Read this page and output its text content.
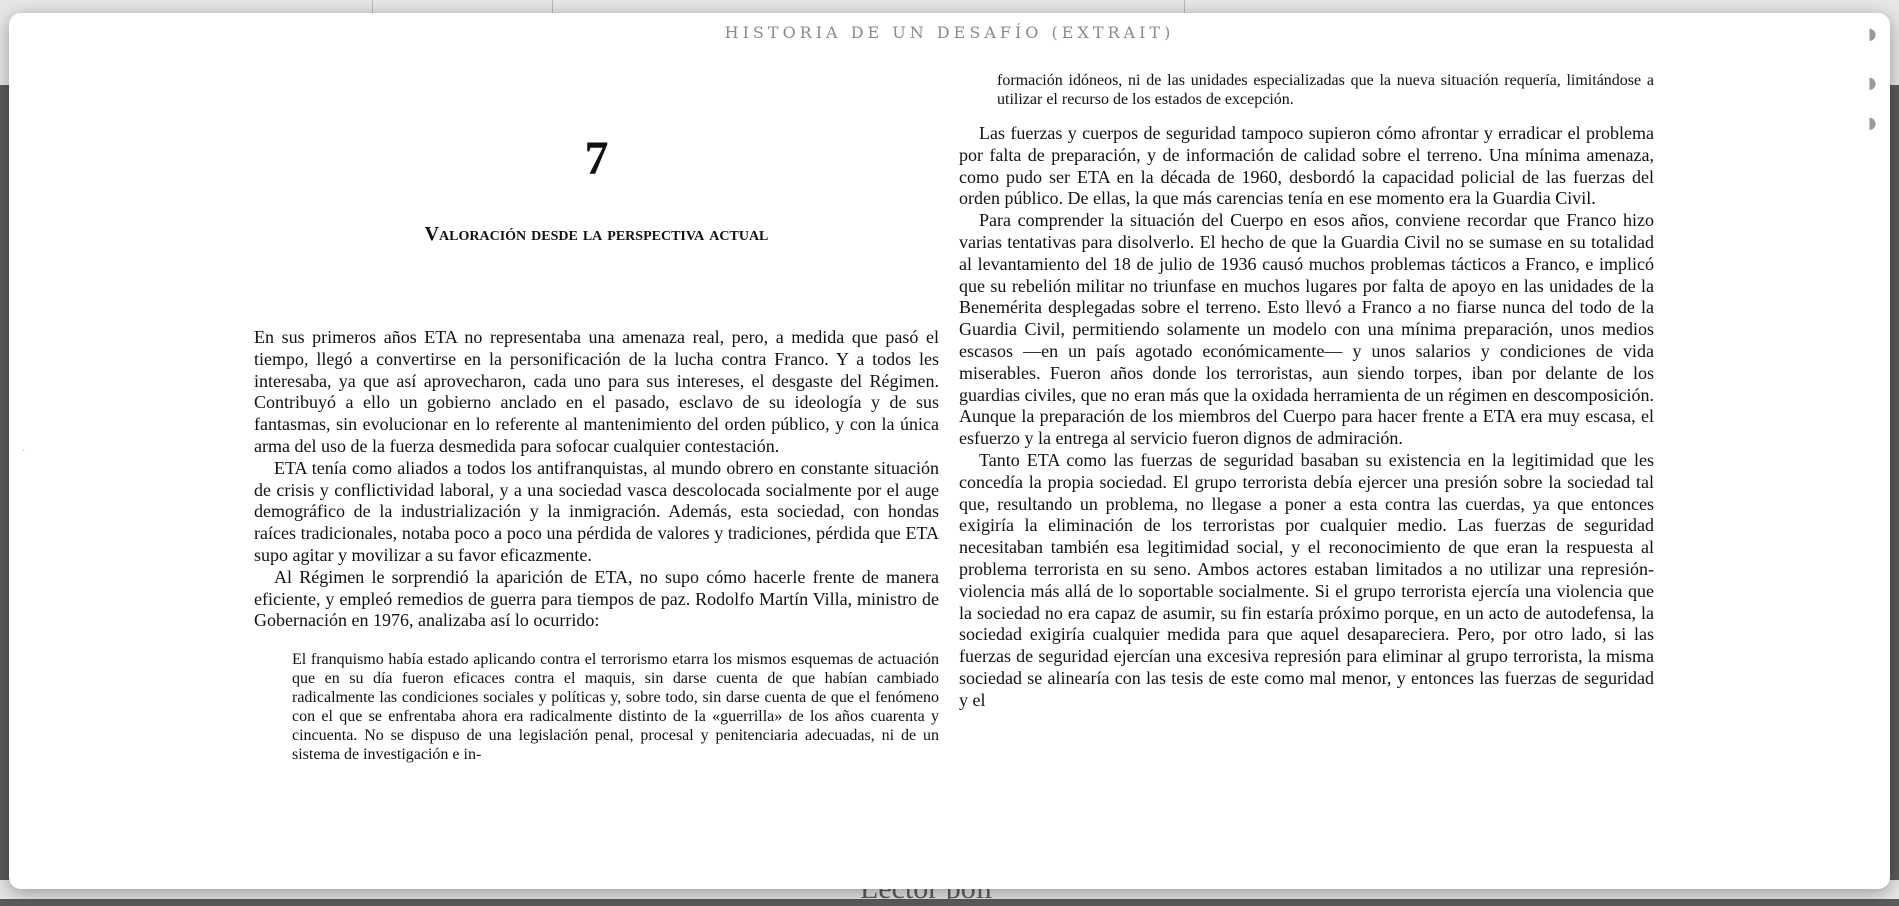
HISTORIA DE UN DESAFÍO (EXTRAIT)	◗
◗
◗
·
7
Valoración desde la perspectiva actual

En sus primeros años ETA no representaba una amenaza real, pero, a medida que pasó el tiempo, llegó a convertirse en la personificación de la lucha contra Franco. Y a todos les interesaba, ya que así aprovecharon, cada uno para sus intereses, el desgaste del Régimen. Contribuyó a ello un gobierno anclado en el pasado, esclavo de su ideología y de sus fantasmas, sin evolucionar en lo referente al mantenimiento del orden público, y con la única arma del uso de la fuerza desmedida para sofocar cualquier contestación.

ETA tenía como aliados a todos los antifranquistas, al mundo obrero en constante situación de crisis y conflictividad laboral, y a una sociedad vasca descolocada socialmente por el auge demográfico de la industrialización y la inmigración. Además, esta sociedad, con hondas raíces tradicionales, notaba poco a poco una pérdida de valores y tradiciones, pérdida que ETA supo agitar y movilizar a su favor eficazmente.

Al Régimen le sorprendió la aparición de ETA, no supo cómo hacerle frente de manera eficiente, y empleó remedios de guerra para tiempos de paz. Rodolfo Martín Villa, ministro de Gobernación en 1976, analizaba así lo ocurrido:

El franquismo había estado aplicando contra el terrorismo etarra los mismos esquemas de actuación que en su día fueron eficaces contra el maquis, sin darse cuenta de que habían cambiado radicalmente las condiciones sociales y políticas y, sobre todo, sin darse cuenta de que el fenómeno con el que se enfrentaba ahora era radicalmente distinto de la «guerrilla» de los años cuarenta y cincuenta. No se dispuso de una legislación penal, procesal y penitenciaria adecuadas, ni de un sistema de investigación e in-

formación idóneos, ni de las unidades especializadas que la nueva situación requería, limitándose a utilizar el recurso de los estados de excepción.

Las fuerzas y cuerpos de seguridad tampoco supieron cómo afrontar y erradicar el problema por falta de preparación, y de información de calidad sobre el terreno. Una mínima amenaza, como pudo ser ETA en la década de 1960, desbordó la capacidad policial de las fuerzas del orden público. De ellas, la que más carencias tenía en ese momento era la Guardia Civil.

Para comprender la situación del Cuerpo en esos años, conviene recordar que Franco hizo varias tentativas para disolverlo. El hecho de que la Guardia Civil no se sumase en su totalidad al levantamiento del 18 de julio de 1936 causó muchos problemas tácticos a Franco, e implicó que su rebelión militar no triunfase en muchos lugares por falta de apoyo en las unidades de la Benemérita desplegadas sobre el terreno. Esto llevó a Franco a no fiarse nunca del todo de la Guardia Civil, permitiendo solamente un modelo con una mínima preparación, unos medios escasos —en un país agotado económicamente— y unos salarios y condiciones de vida miserables. Fueron años donde los terroristas, aun siendo torpes, iban por delante de los guardias civiles, que no eran más que la oxidada herramienta de un régimen en descomposición. Aunque la preparación de los miembros del Cuerpo para hacer frente a ETA era muy escasa, el esfuerzo y la entrega al servicio fueron dignos de admiración.

Tanto ETA como las fuerzas de seguridad basaban su existencia en la legitimidad que les concedía la propia sociedad. El grupo terrorista debía ejercer una presión sobre la sociedad tal que, resultando un problema, no llegase a poner a esta contra las cuerdas, ya que entonces exigiría la eliminación de los terroristas por cualquier medio. Las fuerzas de seguridad necesitaban también esa legitimidad social, y el reconocimiento de que eran la respuesta al problema terrorista en su seno. Ambos actores estaban limitados a no utilizar una represión-violencia más allá de lo soportable socialmente. Si el grupo terrorista ejercía una violencia que la sociedad no era capaz de asumir, su fin estaría próximo porque, en un acto de autodefensa, la sociedad exigiría cualquier medida para que aquel desapareciera. Pero, por otro lado, si las fuerzas de seguridad ejercían una excesiva represión para eliminar al grupo terrorista, la misma sociedad se alinearía con las tesis de este como mal menor, y entonces las fuerzas de seguridad y el
